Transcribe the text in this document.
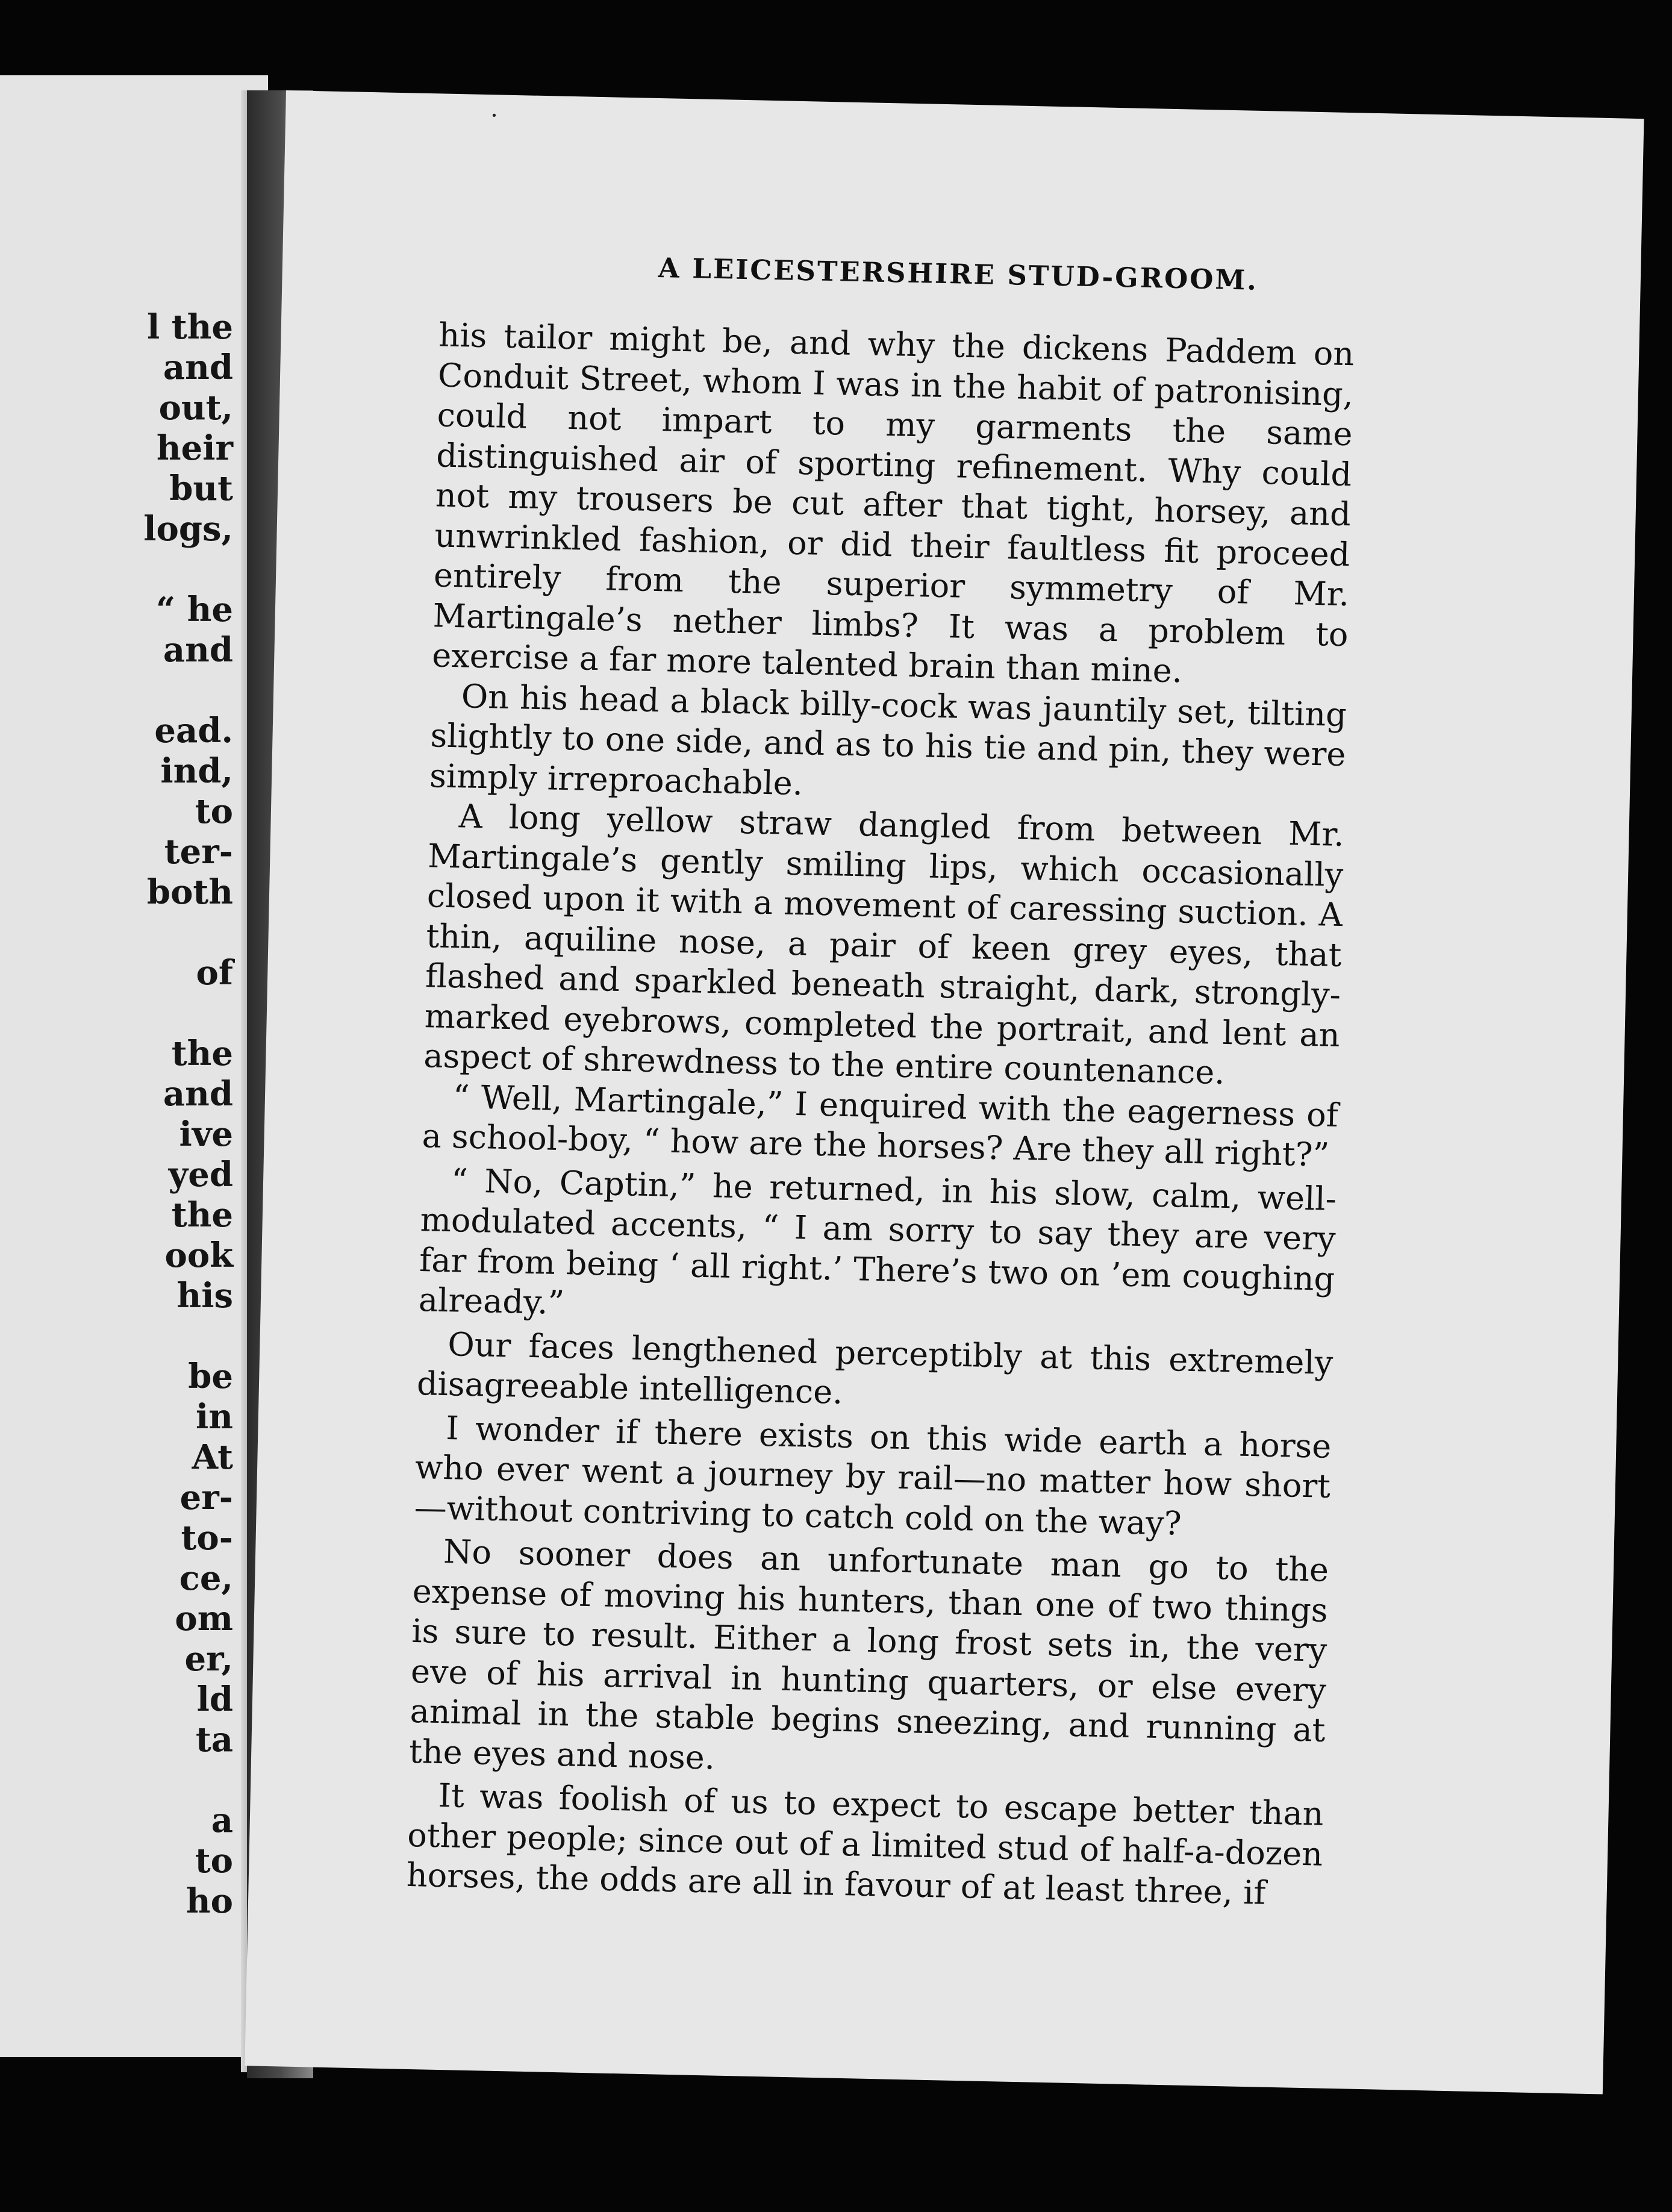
l the
and
out,
heir
but
logs,
“ he
and
ead.
ind,
to
ter-
both
of
the
and
ive
yed
the
ook
his
be
in
At
er-
to-
ce,
om
er,
ld
ta
a
to
ho
·
A LEICESTERSHIRE STUD-GROOM.

his tailor might be, and why the dickens Paddem on Conduit Street, whom I was in the habit of patronising, could not impart to my garments the same distinguished air of sporting refinement. Why could not my trousers be cut after that tight, horsey, and unwrinkled fashion, or did their faultless fit proceed entirely from the superior symmetry of Mr. Martingale’s nether limbs? It was a problem to exercise a far more talented brain than mine.

On his head a black billy-cock was jauntily set, tilting slightly to one side, and as to his tie and pin, they were simply irreproachable.

A long yellow straw dangled from between Mr. Martingale’s gently smiling lips, which occasionally closed upon it with a movement of caressing suction. A thin, aquiline nose, a pair of keen grey eyes, that flashed and sparkled beneath straight, dark, strongly-marked eyebrows, completed the portrait, and lent an aspect of shrewdness to the entire countenance.

“ Well, Martingale,” I enquired with the eagerness of a school-boy, “ how are the horses? Are they all right?”

“ No, Captin,” he returned, in his slow, calm, well-modulated accents, “ I am sorry to say they are very far from being ‘ all right.’ There’s two on ’em coughing already.”

Our faces lengthened perceptibly at this extremely disagreeable intelligence.

I wonder if there exists on this wide earth a horse who ever went a journey by rail—no matter how short —without contriving to catch cold on the way?

No sooner does an unfortunate man go to the expense of moving his hunters, than one of two things is sure to result. Either a long frost sets in, the very eve of his arrival in hunting quarters, or else every animal in the stable begins sneezing, and running at the eyes and nose.

It was foolish of us to expect to escape better than other people; since out of a limited stud of half-a-dozen horses, the odds are all in favour of at least three, if
